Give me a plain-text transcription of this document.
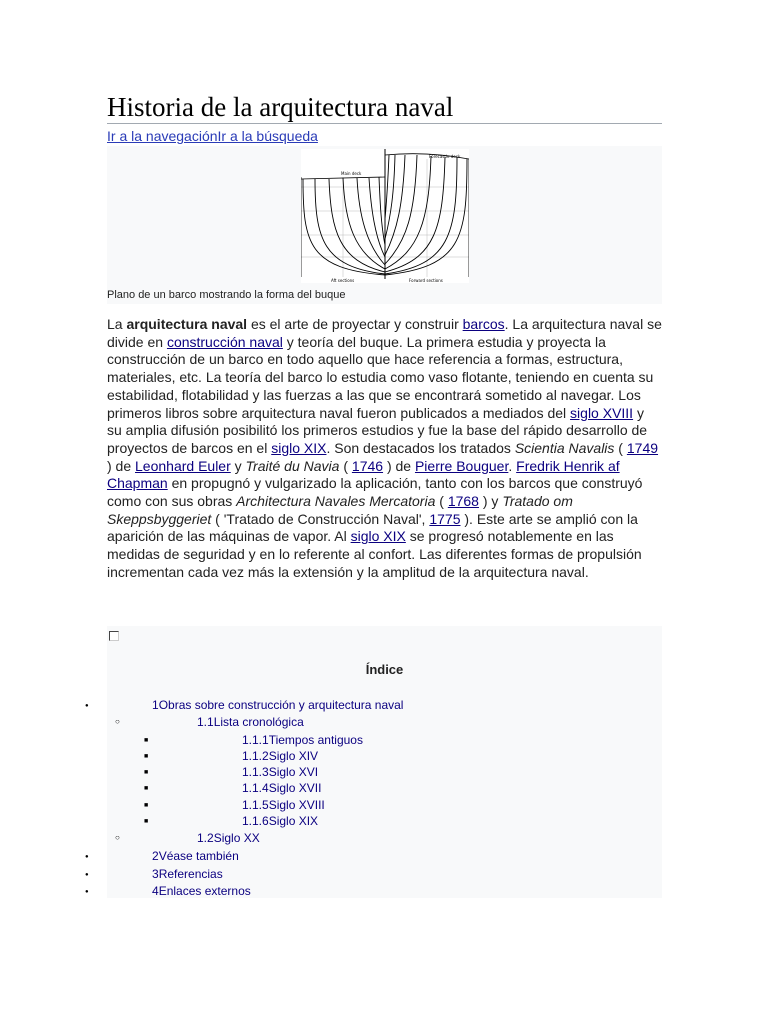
Historia de la arquitectura naval
Ir a la navegaciónIr a la búsqueda
Forecastle deck
Main deck
Aft sections	Forward sections
Plano de un barco mostrando la forma del buque

La arquitectura naval es el arte de proyectar y construir barcos. La arquitectura naval se divide en construcción naval y teoría del buque. La primera estudia y proyecta la construcción de un barco en todo aquello que hace referencia a formas, estructura, materiales, etc. La teoría del barco lo estudia como vaso flotante, teniendo en cuenta su estabilidad, flotabilidad y las fuerzas a las que se encontrará sometido al navegar. Los primeros libros sobre arquitectura naval fueron publicados a mediados del siglo XVIII y su amplia difusión posibilitó los primeros estudios y fue la base del rápido desarrollo de proyectos de barcos en el siglo XIX. Son destacados los tratados Scientia Navalis ( 1749 ) de Leonhard Euler y Traité du Navia ( 1746 ) de Pierre Bouguer. Fredrik Henrik af Chapman en propugnó y vulgarizado la aplicación, tanto con los barcos que construyó como con sus obras Architectura Navales Mercatoria ( 1768 ) y Tratado om Skeppsbyggeriet ( 'Tratado de Construcción Naval', 1775 ). Este arte se amplió con la aparición de las máquinas de vapor. Al siglo XIX se progresó notablemente en las medidas de seguridad y en lo referente al confort. Las diferentes formas de propulsión incrementan cada vez más la extensión y la amplitud de la arquitectura naval.

Índice
●
1Obras sobre construcción y arquitectura naval
○
1.1Lista cronológica
■
1.1.1Tiempos antiguos
■
1.1.2Siglo XIV
■
1.1.3Siglo XVI
■
1.1.4Siglo XVII
■
1.1.5Siglo XVIII
■
1.1.6Siglo XIX
○
1.2Siglo XX
●
2Véase también
●
3Referencias
●
4Enlaces externos
